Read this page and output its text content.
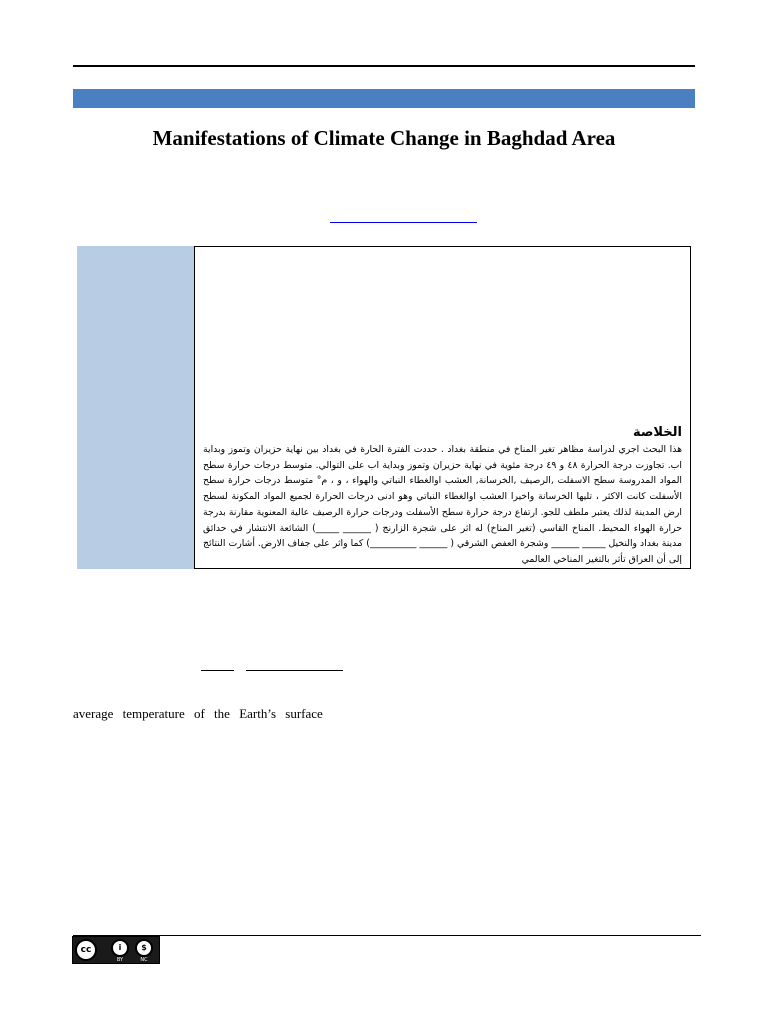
Manifestations of Climate Change in Baghdad Area
الخلاصة

هذا البحث اجري لدراسة مظاهر تغير المناخ في منطقة بغداد . حددت الفترة الحارة في بغداد بين نهاية حزيران وتموز وبداية اب. تجاوزت درجة الحرارة ٤٨ و ٤٩ درجة مئوية في نهاية حزيران وتموز وبداية اب على التوالي. متوسط درجات حرارة سطح المواد المدروسة سطح الاسفلت ,الرصيف ,الخرسانة, العشب اوالغطاء النباتي والهواء ، و ، م° متوسط درجات حرارة سطح الأسفلت كانت الاكثر ، تليها الخرسانة واخيرا العشب اوالغطاء النباتي وهو ادنى درجات الحرارة لجميع المواد المكونة لسطح ارض المدينة لذلك يعتبر ملطف للجو. ارتفاع درجة حرارة سطح الأسفلت ودرجات حرارة الرصيف عالية المعنوية مقارنة بدرجة حرارة الهواء المحيط. المناخ القاسي (تغير المناخ) له اثر على شجرة الزارنج ( ______ _____) الشائعة الانتشار في حدائق مدينة بغداد والنخيل _____ ______ وشجرة العفص الشرقي ( ______ __________) كما واثر على جفاف الارض. أشارت النتائج إلى أن العراق تأثر بالتغير المناخي العالمي

average temperature of the Earth’s surface

cc	i
BY
$
NC
